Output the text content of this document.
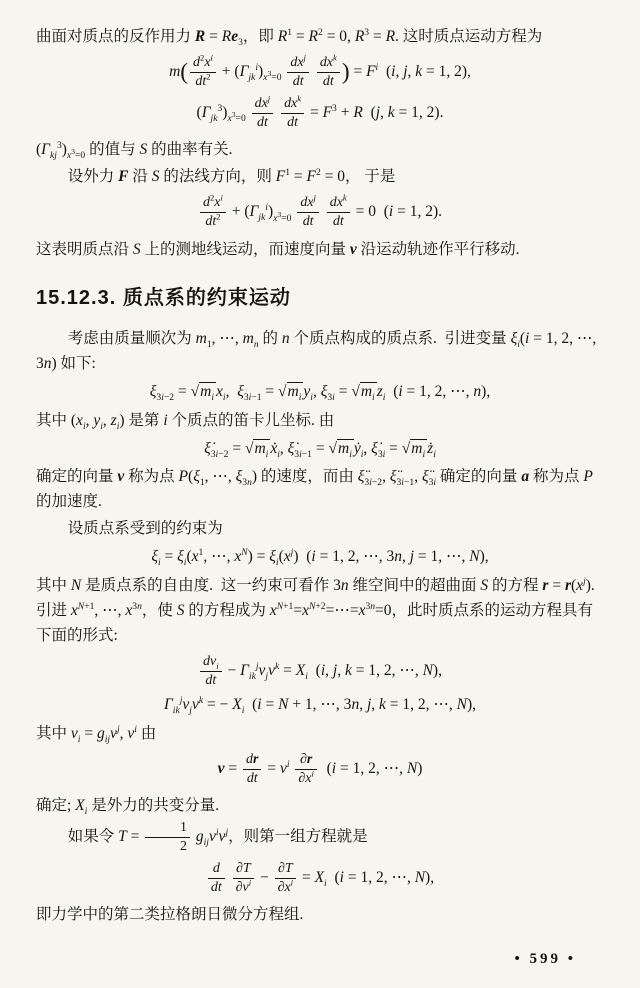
曲面对质点的反作用力 $R = Re_3$，即 $R^1 = R^2 = 0$, $R^3 = R$. 这时质点运动方程为

$m( \frac{d^2x^i}{dt^2} + (\Gamma_{jk}^i)_{x^3=0} \frac{dx^j}{dt}$
$\frac{dx^k}{dt}$ ) = $F^i$  (i, j, k = 1, 2),
$(\Gamma_{jk}^3)_{x^3=0} \frac{dx^j}{dt}$
$\frac{dx^k}{dt} = F^3 + R$  (j, k = 1, 2).

$(\Gamma_{kj}^3)_{x^3=0}$ 的值与 S 的曲率有关.

设外力 F 沿 S 的法线方向，则 $F^1 = F^2 = 0$， 于是

$\frac{d^2x^i}{dt^2} + (\Gamma_{jk}^i)_{x^3=0} \frac{dx^j}{dt}$
$\frac{dx^k}{dt} = 0$  (i = 1, 2).

这表明质点沿 S 上的测地线运动，而速度向量 v 沿运动轨迹作平行移动.

15.12.3. 质点系的约束运动

考虑由质量顺次为 $m_1$, ⋯, $m_n$ 的 n 个质点构成的质点系.  引进变量 $\xi_i(i = 1$, 2, ⋯, 3n) 如下:

$\xi_{3i-2} = √m_i$ $x_i$,  $\xi_{3i-1} = √m_i$ $y_i$, $\xi_{3i} = √m_i$ $z_i$  (i = 1, 2, ⋯, n),

其中 ($x_i$, $y_i$, $z_i$) 是第 i 个质点的笛卡儿坐标. 由

$\xi̇_{3i-2} = √m_i$ ẋ$_i$, $\xi̇_{3i-1} = √m_i$ ẏ$_i$, $\xi̇_{3i} = √m_i$ $ż_i$

确定的向量 v 称为点 $P(\xi_1$, ⋯, $\xi_{3n}$) 的速度，而由 $\xï_{3i-2}$, $\xï_{3i-1}$, $\xï_{3i}$ 确定的向量 a 称为点 P 的加速度.

设质点系受到的约束为

$\xi_i = \xi_i(x^1$, ⋯, $x^N) = \xi_i(x^j)$  (i = 1, 2, ⋯, 3n, j = 1, ⋯, N),

其中 N 是质点系的自由度.  这一约束可看作 3n 维空间中的超曲面 S 的方程 $r = r(x^j)$.  引进 $x^{N+1}$, ⋯, $x^{3n}$，使 S 的方程成为 $x^{N+1}=x^{N+2}=\cdots=x^{3n}=0$，此时质点系的运动方程具有下面的形式:

$\frac{dv_i}{dt} - \Gamma_{ik}^jv_jv^k = X_i$  (i, j, k = 1, 2, ⋯, N),
$\Gamma_{ik}^jv_jv^k$ = − $X_i$  (i = N + 1, ⋯, 3n, j, k = 1, 2, ⋯, N),

其中 $v_i = g_{ij}v^j$, $v^i$ 由

$v = \frac{dr}{dt} = v^i \frac{\partial r}{\partial x^i} (i = 1$, 2, ⋯, N)

确定; $X_i$ 是外力的共变分量.

如果令 $T = \frac{1}{2} g_{ij}v^iv^j$，则第一组方程就是

$\frac{d}{dt}$
$\frac{\partial T}{\partial v^i} - \frac{\partial T}{\partial x^i} = X_i$  (i = 1, 2, ⋯, N),

即力学中的第二类拉格朗日微分方程组.

• 599 •
